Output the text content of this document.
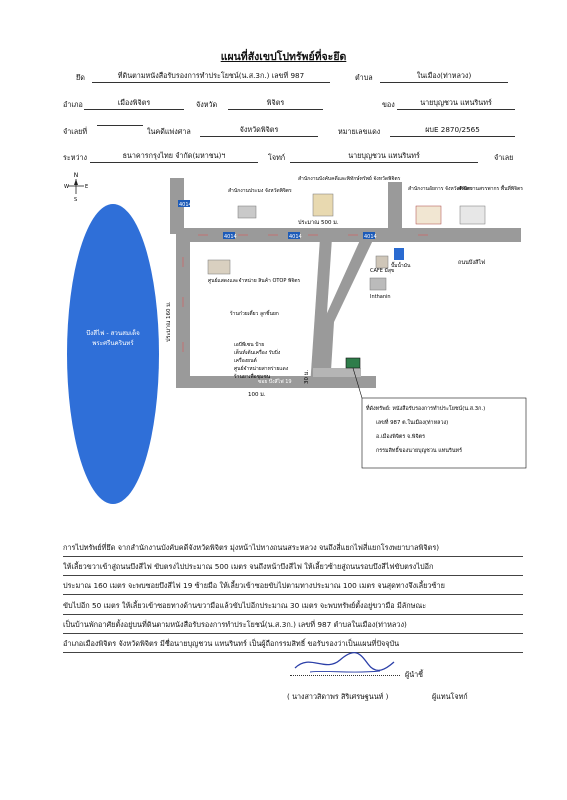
แผนที่สังเขปโปทรัพย์ที่จะยึด
ยึด	ที่ดินตามหนังสือรับรองการทำประโยชน์(น.ส.3ก.) เลขที่ 987	ตำบล	ในเมือง(ท่าหลวง)
อำเภอ	เมืองพิจิตร	จังหวัด	พิจิตร	ของ	นายบุญชวน แทนรินทร์
จำเลยที่	ในคดีแพ่งศาล	จังหวัดพิจิตร	หมายเลขแดง	ผบE 2870/2565
ระหว่าง	ธนาคารกรุงไทย จำกัด(มหาชน)ฯ	โจทก์	นายบุญชวน แทนรินทร์	จำเลย
N
W	E
S
บึงสีไฟ - สวนสมเด็จ
พระศรีนครินทร์
4014
4014	4014	4014
ถนนบึงสีไฟ
ประมาณ 500 ม.
ประมาณ 160 ม.
100 ม.
30 ม.
ซอย บึงสีไฟ 19
สำนักงานประมง จังหวัดพิจิตร
สำนักงานบังคับคดีและพิทักษ์ทรัพย์ จังหวัดพิจิตร
สำนักงานอัยการ จังหวัดพิจิตร
สำนักงานสรรพากร พื้นที่พิจิตร
ศูนย์แสดงและจำหน่าย สินค้า OTOP พิจิตร
ร้านก๋วยเตี๋ยว ลูกชิ้นยก
CAFE มีสุข
Inthanin
เอบีพีเซน ป้าย
เต็นท์เต้นเครื่อง รับบิ่ง
เครื่องยนต์
ศูนย์จำหน่ายสาหร่ายแดง
ร้านยาเพื่อชุมชน
ปั๊มน้ำมัน
ที่ดังทรัพย์: หนังสือรับรองการทำประโยชน์(น.ส.3ก.)
เลขที่ 987 ต.ในเมือง(ท่าหลวง)
อ.เมืองพิจิตร จ.พิจิตร
กรรมสิทธิ์ของนายบุญชวน แทนรินทร์
การไปทรัพย์ที่ยึด จากสำนักงานบังคับคดีจังหวัดพิจิตร มุ่งหน้าไปทางถนนสระหลวง จนถึงสี่แยกไฟสี่แยกโรงพยาบาลพิจิตร)
ให้เลี้ยวขวาเข้าสู่ถนนบึงสีไฟ ขับตรงไปประมาณ 500 เมตร จนถึงหน้าบึงสีไฟ ให้เลี้ยวซ้ายสู่ถนนรอบบึงสีไฟขับตรงไปอีก
ประมาณ 160 เมตร จะพบซอยบึงสีไฟ 19 ซ้ายมือ ให้เลี้ยวเข้าซอยขับไปตามทางประมาณ 100 เมตร จนสุดทางจึงเลี้ยวซ้าย
ขับไปอีก 50 เมตร ให้เลี้ยวเข้าซอยทางด้านขวามือแล้วขับไปอีกประมาณ 30 เมตร จะพบทรัพย์ตั้งอยู่ขวามือ มีลักษณะ
เป็นบ้านพักอาศัยตั้งอยู่บนที่ดินตามหนังสือรับรองการทำประโยชน์(น.ส.3ก.) เลขที่ 987 ตำบลในเมือง(ท่าหลวง)
อำเภอเมืองพิจิตร จังหวัดพิจิตร มีชื่อนายบุญชวน แทนรินทร์ เป็นผู้ถือกรรมสิทธิ์ ขอรับรองว่าเป็นแผนที่ปัจจุบัน
ผู้นำชี้
( นางสาวสิดาพร สิริเศรษฐนนท์ )	ผู้แทนโจทก์
